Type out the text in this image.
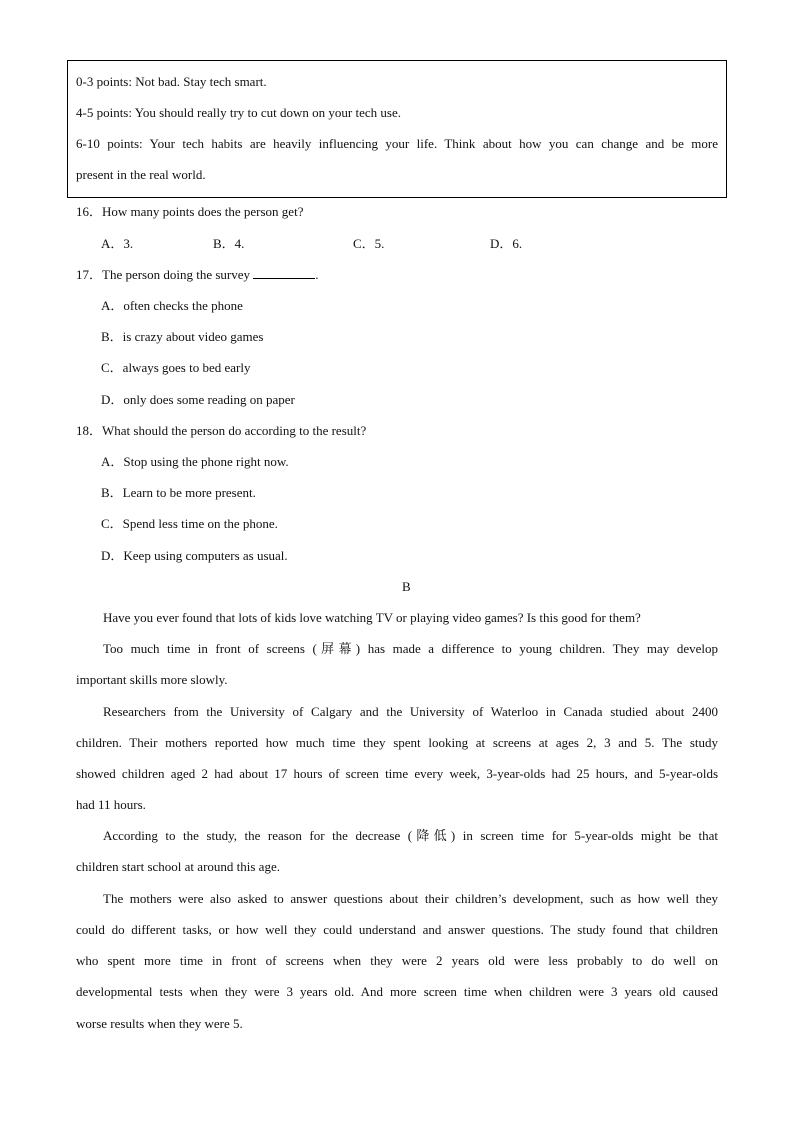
0-3 points: Not bad. Stay tech smart.
4-5 points: You should really try to cut down on your tech use.
6-10 points: Your tech habits are heavily influencing your life. Think about how you can change and be more
present in the real world.
16．How many points does the person get?
A．3.	B．4.	C．5.	D．6.
17．The person doing the survey	.
A．often checks the phone
B．is crazy about video games
C．always goes to bed early
D．only does some reading on paper
18．What should the person do according to the result?
A．Stop using the phone right now.
B．Learn to be more present.
C．Spend less time on the phone.
D．Keep using computers as usual.
B
Have you ever found that lots of kids love watching TV or playing video games? Is this good for them?
Too much time in front of screens (屏幕) has made a difference to young children. They may develop
important skills more slowly.
Researchers from the University of Calgary and the University of Waterloo in Canada studied about 2400
children. Their mothers reported how much time they spent looking at screens at ages 2, 3 and 5. The study
showed children aged 2 had about 17 hours of screen time every week, 3-year-olds had 25 hours, and 5-year-olds
had 11 hours.
According to the study, the reason for the decrease (降低) in screen time for 5-year-olds might be that
children start school at around this age.
The mothers were also asked to answer questions about their children’s development, such as how well they
could do different tasks, or how well they could understand and answer questions. The study found that children
who spent more time in front of screens when they were 2 years old were less probably to do well on
developmental tests when they were 3 years old. And more screen time when children were 3 years old caused
worse results when they were 5.
